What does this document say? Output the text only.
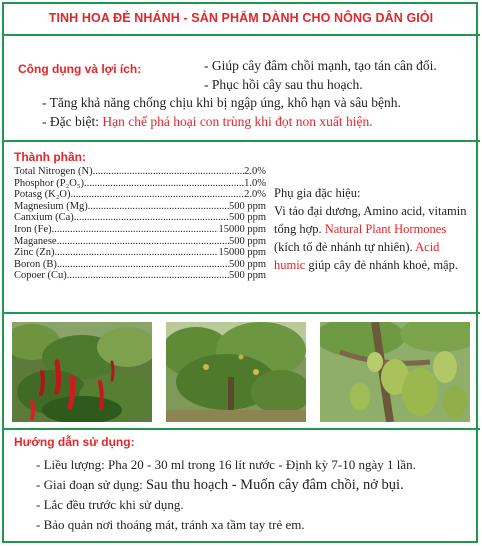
TINH HOA ĐẺ NHÁNH - SẢN PHẨM DÀNH CHO NÔNG DÂN GIỎI
Công dụng và lợi ích:	- Giúp cây đâm chồi mạnh, tạo tán cân đối.
- Phục hồi cây sau thu hoạch.
- Tăng khả năng chống chịu khi bị ngập úng, khô hạn và sâu bệnh.
- Đặc biệt: Hạn chế phá hoại con trùng khi đọt non xuất hiện.
Thành phần:
Total Nitrogen (N) .....	2.0%
Phosphor (P₂O₅) .....	1.0%
Potasg (K₂O) .....	2.0%
Magnesium (Mg) .....	500 ppm
Canxium (Ca) .....	500 ppm
Iron (Fe) .....	15000 ppm
Maganese .....	500 ppm
Zinc (Zn) .....	15000 ppm
Boron (B) .....	500 ppm
Copoer (Cu) .....	500 ppm
Phụ gia đặc hiệu:
Vi tảo đại dương, Amino acid, vitamin tổng hợp. Natural Plant Hormones (kích tố đẻ nhánh tự nhiên). Acid humic giúp cây đẻ nhánh khoẻ, mập.
Hướng dẫn sử dụng:
- Liều lượng: Pha 20 - 30 ml trong 16 lít nước - Định kỳ 7-10 ngày 1 lần.
- Giai đoạn sử dụng: Sau thu hoạch - Muốn cây đâm chồi, nở bụi.
- Lắc đều trước khi sử dụng.
- Bảo quản nơi thoáng mát, tránh xa tầm tay trẻ em.
